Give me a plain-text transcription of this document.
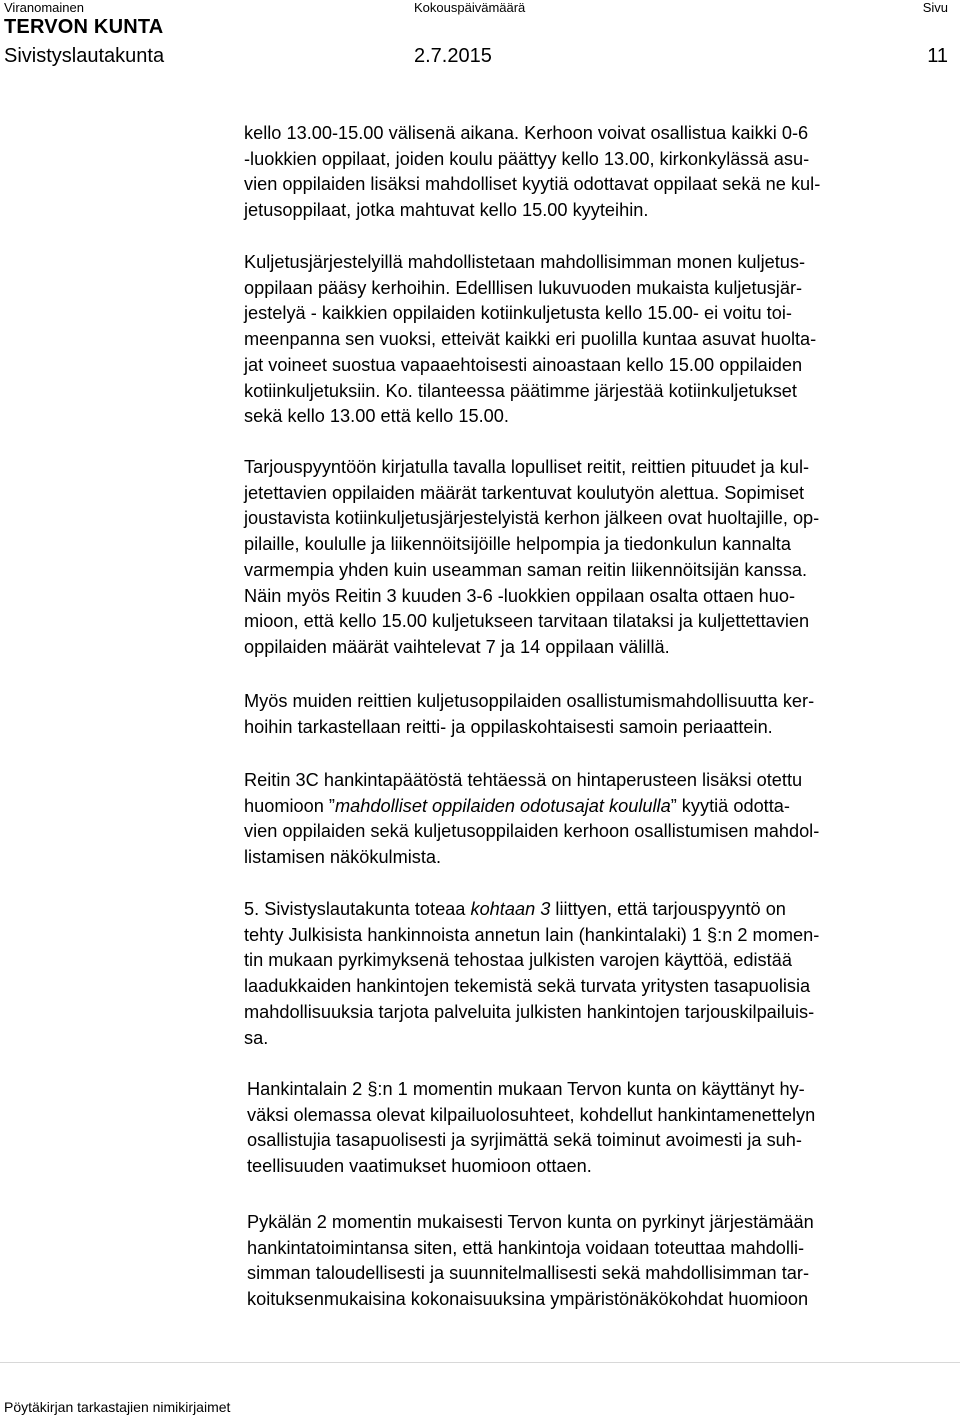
Viranomainen	Kokouspäivämäärä	Sivu
TERVON KUNTA
Sivistyslautakunta	2.7.2015	11

kello 13.00-15.00 välisenä aikana. Kerhoon voivat osallistua kaikki 0-6
-luokkien oppilaat, joiden koulu päättyy kello 13.00, kirkonkylässä asu-
vien oppilaiden lisäksi mahdolliset kyytiä odottavat oppilaat sekä ne kul-
jetusoppilaat, jotka mahtuvat kello 15.00 kyyteihin.

Kuljetusjärjestelyillä mahdollistetaan mahdollisimman monen kuljetus-
oppilaan pääsy kerhoihin. Edelllisen lukuvuoden mukaista kuljetusjär-
jestelyä - kaikkien oppilaiden kotiinkuljetusta kello 15.00- ei voitu toi-
meenpanna sen vuoksi, etteivät kaikki eri puolilla kuntaa asuvat huolta-
jat voineet suostua vapaaehtoisesti ainoastaan kello 15.00 oppilaiden
kotiinkuljetuksiin. Ko. tilanteessa päätimme järjestää kotiinkuljetukset
sekä kello 13.00 että kello 15.00.

Tarjouspyyntöön kirjatulla tavalla lopulliset reitit, reittien pituudet ja kul-
jetettavien oppilaiden määrät tarkentuvat koulutyön alettua. Sopimiset
joustavista kotiinkuljetusjärjestelyistä kerhon jälkeen ovat huoltajille, op-
pilaille, koululle ja liikennöitsijöille helpompia ja tiedonkulun kannalta
varmempia yhden kuin useamman saman reitin liikennöitsijän kanssa.
Näin myös Reitin 3 kuuden 3-6 -luokkien oppilaan osalta ottaen huo-
mioon, että kello 15.00 kuljetukseen tarvitaan tilataksi ja kuljettettavien
oppilaiden määrät vaihtelevat 7 ja 14 oppilaan välillä.

Myös muiden reittien kuljetusoppilaiden osallistumismahdollisuutta ker-
hoihin tarkastellaan reitti- ja oppilaskohtaisesti samoin periaattein.

Reitin 3C hankintapäätöstä tehtäessä on hintaperusteen lisäksi otettu
huomioon ”mahdolliset oppilaiden odotusajat koululla” kyytiä odotta-
vien oppilaiden sekä kuljetusoppilaiden kerhoon osallistumisen mahdol-
listamisen näkökulmista.

5. Sivistyslautakunta toteaa kohtaan 3 liittyen, että tarjouspyyntö on
tehty Julkisista hankinnoista annetun lain (hankintalaki) 1 §:n 2 momen-
tin mukaan pyrkimyksenä tehostaa julkisten varojen käyttöä, edistää
laadukkaiden hankintojen tekemistä sekä turvata yritysten tasapuolisia
mahdollisuuksia tarjota palveluita julkisten hankintojen tarjouskilpailuis-
sa.

Hankintalain 2 §:n 1 momentin mukaan Tervon kunta on käyttänyt hy-
väksi olemassa olevat kilpailuolosuhteet, kohdellut hankintamenettelyn
osallistujia tasapuolisesti ja syrjimättä sekä toiminut avoimesti ja suh-
teellisuuden vaatimukset huomioon ottaen.

Pykälän 2 momentin mukaisesti Tervon kunta on pyrkinyt järjestämään
hankintatoimintansa siten, että hankintoja voidaan toteuttaa mahdolli-
simman taloudellisesti ja suunnitelmallisesti sekä mahdollisimman tar-
koituksenmukaisina kokonaisuuksina ympäristönäkökohdat huomioon

Pöytäkirjan tarkastajien nimikirjaimet
